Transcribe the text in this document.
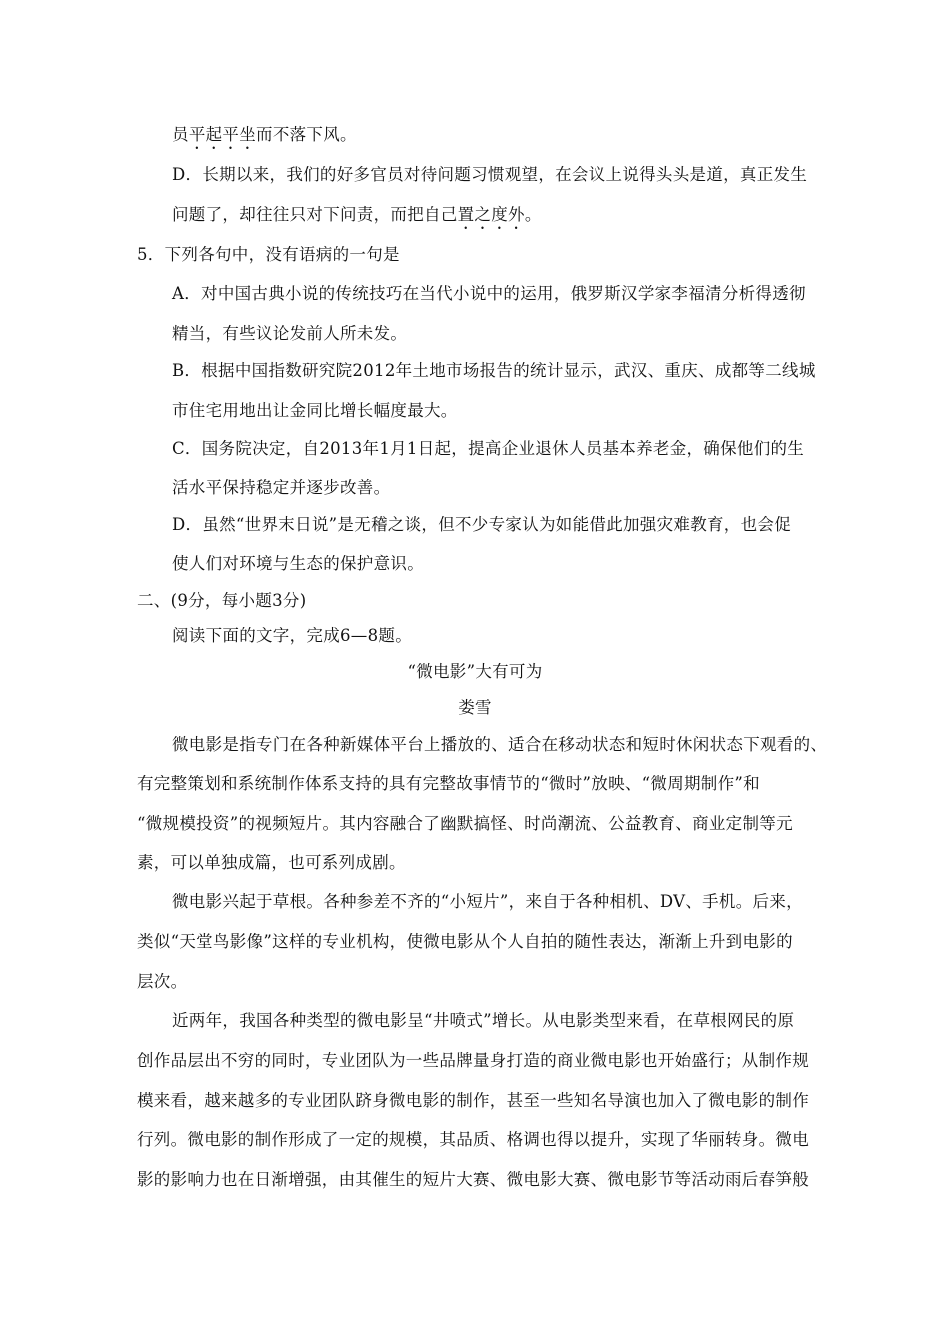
员平起平坐而不落下风。
D．长期以来，我们的好多官员对待问题习惯观望，在会议上说得头头是道，真正发生
问题了，却往往只对下问责，而把自己置之度外。
5．下列各句中，没有语病的一句是
A．对中国古典小说的传统技巧在当代小说中的运用，俄罗斯汉学家李福清分析得透彻
精当，有些议论发前人所未发。
B．根据中国指数研究院2012年土地市场报告的统计显示，武汉、重庆、成都等二线城
市住宅用地出让金同比增长幅度最大。
C．国务院决定，自2013年1月1日起，提高企业退休人员基本养老金，确保他们的生
活水平保持稳定并逐步改善。
D．虽然“世界末日说”是无稽之谈，但不少专家认为如能借此加强灾难教育，也会促
使人们对环境与生态的保护意识。
二、(9分，每小题3分)
阅读下面的文字，完成6—8题。
“微电影”大有可为
娄雪
微电影是指专门在各种新媒体平台上播放的、适合在移动状态和短时休闲状态下观看的、
有完整策划和系统制作体系支持的具有完整故事情节的“微时”放映、“微周期制作”和
“微规模投资”的视频短片。其内容融合了幽默搞怪、时尚潮流、公益教育、商业定制等元
素，可以单独成篇，也可系列成剧。
微电影兴起于草根。各种参差不齐的“小短片”，来自于各种相机、DV、手机。后来，
类似“天堂鸟影像”这样的专业机构，使微电影从个人自拍的随性表达，渐渐上升到电影的
层次。
近两年，我国各种类型的微电影呈“井喷式”增长。从电影类型来看，在草根网民的原
创作品层出不穷的同时，专业团队为一些品牌量身打造的商业微电影也开始盛行；从制作规
模来看，越来越多的专业团队跻身微电影的制作，甚至一些知名导演也加入了微电影的制作
行列。微电影的制作形成了一定的规模，其品质、格调也得以提升，实现了华丽转身。微电
影的影响力也在日渐增强，由其催生的短片大赛、微电影大赛、微电影节等活动雨后春笋般
